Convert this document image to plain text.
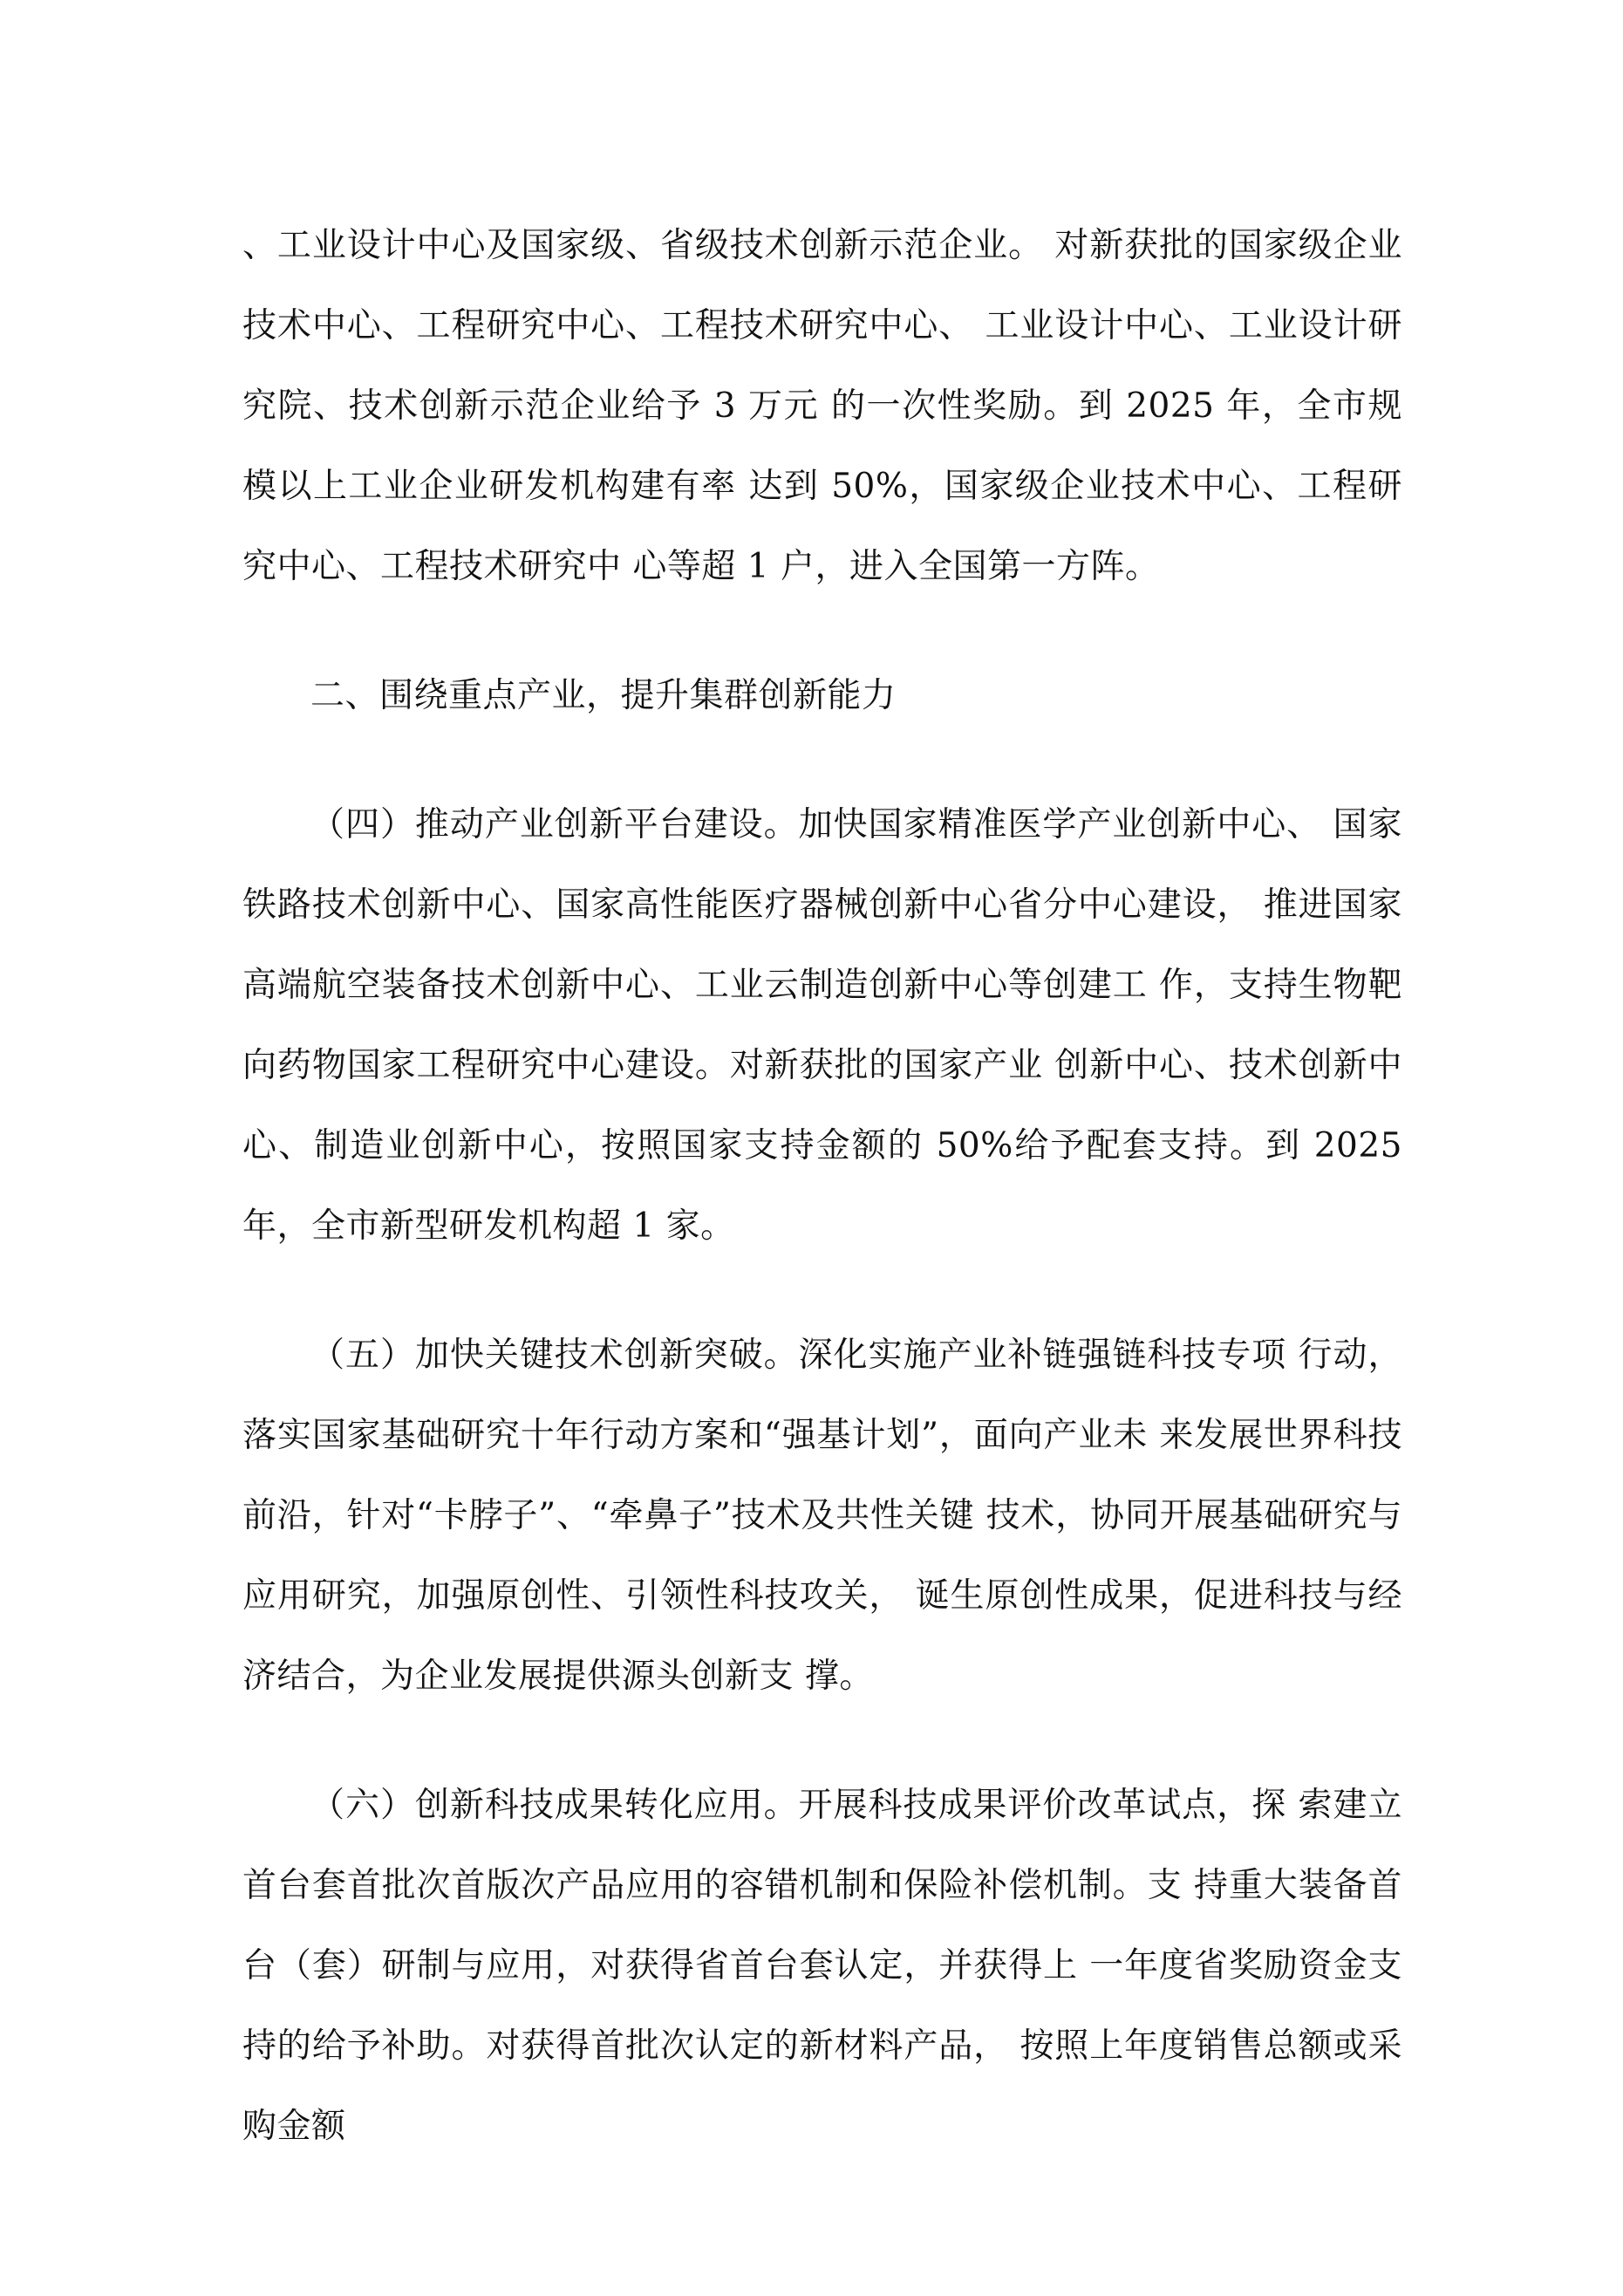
、工业设计中心及国家级、省级技术创新示范企业。 对新获批的国家级企业技术中心、工程研究中心、工程技术研究中心、 工业设计中心、工业设计研究院、技术创新示范企业给予 3 万元 的一次性奖励。到 2025 年，全市规模以上工业企业研发机构建有率 达到 50%，国家级企业技术中心、工程研究中心、工程技术研究中 心等超 1 户，进入全国第一方阵。

二、围绕重点产业，提升集群创新能力

（四）推动产业创新平台建设。加快国家精准医学产业创新中心、 国家铁路技术创新中心、国家高性能医疗器械创新中心省分中心建设， 推进国家高端航空装备技术创新中心、工业云制造创新中心等创建工 作，支持生物靶向药物国家工程研究中心建设。对新获批的国家产业 创新中心、技术创新中心、制造业创新中心，按照国家支持金额的 50%给予配套支持。到 2025 年，全市新型研发机构超 1 家。

（五）加快关键技术创新突破。深化实施产业补链强链科技专项 行动，落实国家基础研究十年行动方案和“强基计划”，面向产业未 来发展世界科技前沿，针对“卡脖子”、“牵鼻子”技术及共性关键 技术，协同开展基础研究与应用研究，加强原创性、引领性科技攻关， 诞生原创性成果，促进科技与经济结合，为企业发展提供源头创新支 撑。

（六）创新科技成果转化应用。开展科技成果评价改革试点，探 索建立首台套首批次首版次产品应用的容错机制和保险补偿机制。支 持重大装备首台（套）研制与应用，对获得省首台套认定，并获得上 一年度省奖励资金支持的给予补助。对获得首批次认定的新材料产品， 按照上年度销售总额或采购金额
